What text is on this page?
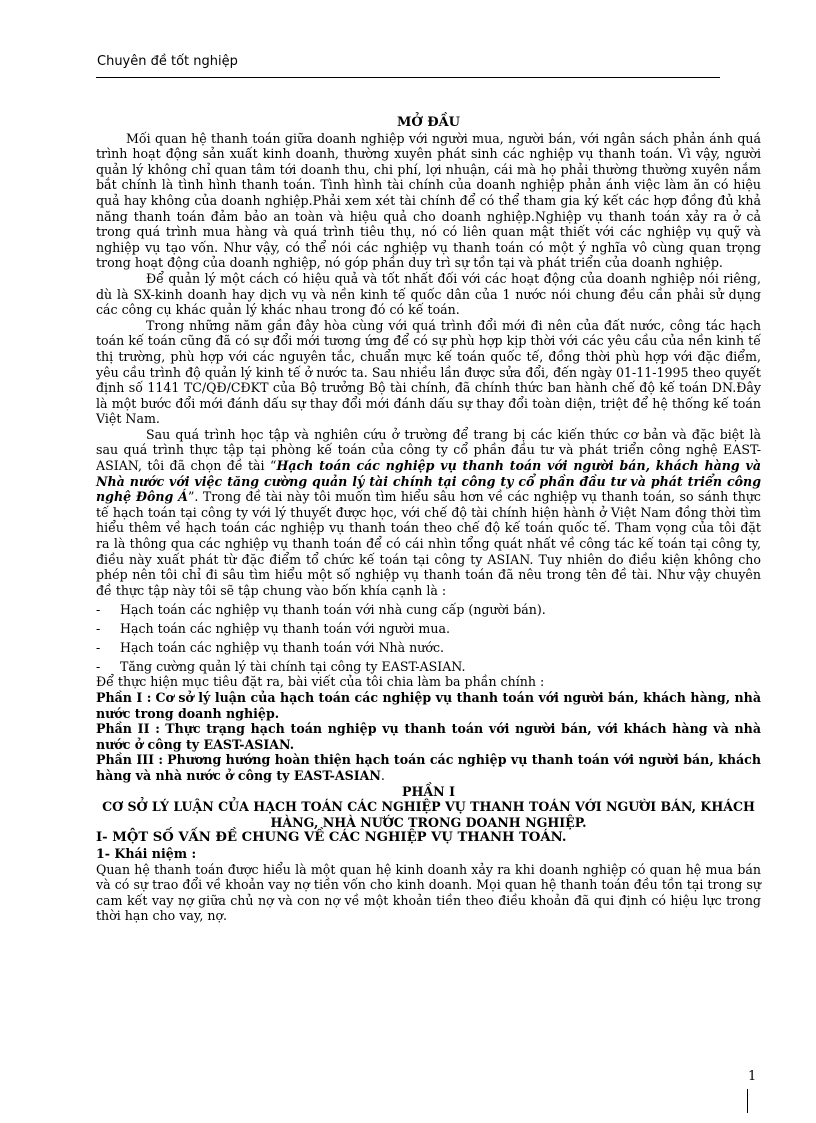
Chuyên đề tốt nghiệp

MỞ ĐẦU

Mối quan hệ thanh toán giữa doanh nghiệp với người mua, người bán, với ngân sách phản ánh quá trình hoạt động sản xuất kinh doanh, thường xuyên phát sinh các nghiệp vụ thanh toán. Vì vậy, người quản lý không chỉ quan tâm tới doanh thu, chi phí, lợi nhuận, cái mà họ phải thường thường xuyên nắm bắt chính là tình hình thanh toán. Tình hình tài chính của doanh nghiệp phản ánh việc làm ăn có hiệu quả hay không của doanh nghiệp.Phải xem xét tài chính để có thể tham gia ký kết các hợp đồng đủ khả năng thanh toán đảm bảo an toàn và hiệu quả cho doanh nghiệp.Nghiệp vụ thanh toán xảy ra ở cả trong quá trình mua hàng và quá trình tiêu thụ, nó có liên quan mật thiết với các nghiệp vụ quỹ và nghiệp vụ tạo vốn. Như vậy, có thể nói các nghiệp vụ thanh toán có một ý nghĩa vô cùng quan trọng trong hoạt động của doanh nghiệp, nó góp phần duy trì sự tồn tại và phát triển của doanh nghiệp.

Để quản lý một cách có hiệu quả và tốt nhất đối với các hoạt động của doanh nghiệp nói riêng, dù là SX-kinh doanh hay dịch vụ và nền kinh tế quốc dân của 1 nước nói chung đều cần phải sử dụng các công cụ khác quản lý khác nhau trong đó có kế toán.

Trong những năm gần đây hòa cùng với quá trình đổi mới đi nên của đất nước, công tác hạch toán kế toán cũng đã có sự đổi mới tương ứng để có sự phù hợp kịp thời với các yêu cầu của nền kinh tế thị trường, phù hợp với các nguyên tắc, chuẩn mực kế toán quốc tế, đồng thời phù hợp với đặc điểm, yêu cầu trình độ quản lý kinh tế ở nước ta. Sau nhiều lần được sửa đổi, đến ngày 01-11-1995 theo quyết định số 1141 TC/QĐ/CĐKT của Bộ trưởng Bộ tài chính, đã chính thức ban hành chế độ kế toán DN.Đây là một bước đổi mới đánh dấu sự thay đổi mới đánh dấu sự thay đổi toàn diện, triệt để hệ thống kế toán Việt Nam.

Sau quá trình học tập và nghiên cứu ở trường để trang bị các kiến thức cơ bản và đặc biệt là sau quá trình thực tập tại phòng kế toán của công ty cổ phần đầu tư và phát triển công nghệ EAST-ASIAN, tôi đã chọn đề tài “Hạch toán các nghiệp vụ thanh toán với người bán, khách hàng và Nhà nước với việc tăng cường quản lý tài chính tại công ty cổ phần đầu tư và phát triển công nghệ Đông Á”. Trong đề tài này tôi muốn tìm hiểu sâu hơn về các nghiệp vụ thanh toán, so sánh thực tế hạch toán tại công ty với lý thuyết được học, với chế độ tài chính hiện hành ở Việt Nam đồng thời tìm hiểu thêm về hạch toán các nghiệp vụ thanh toán theo chế độ kế toán quốc tế. Tham vọng của tôi đặt ra là thông qua các nghiệp vụ thanh toán để có cái nhìn tổng quát nhất về công tác kế toán tại công ty, điều này xuất phát từ đặc điểm tổ chức kế toán tại công ty ASIAN. Tuy nhiên do điều kiện không cho phép nên tôi chỉ đi sâu tìm hiểu một số nghiệp vụ thanh toán đã nêu trong tên đề tài. Như vậy chuyên đề thực tập này tôi sẽ tập chung vào bốn khía cạnh là :

-	Hạch toán các nghiệp vụ thanh toán với nhà cung cấp (người bán).
-	Hạch toán các nghiệp vụ thanh toán với người mua.
-	Hạch toán các nghiệp vụ thanh toán với Nhà nước.
-	Tăng cường quản lý tài chính tại công ty EAST-ASIAN.

Để thực hiện mục tiêu đặt ra, bài viết của tôi chia làm ba phần chính :

Phần I : Cơ sở lý luận của hạch toán các nghiệp vụ thanh toán với người bán, khách hàng, nhà nước trong doanh nghiệp.

Phần II : Thực trạng hạch toán nghiệp vụ thanh toán với người bán, với khách hàng và nhà nước ở công ty EAST-ASIAN.

Phần III : Phương hướng hoàn thiện hạch toán các nghiệp vụ thanh toán với người bán, khách hàng và nhà nước ở công ty EAST-ASIAN.

PHẦN I

CƠ SỞ LÝ LUẬN CỦA HẠCH TOÁN CÁC NGHIỆP VỤ THANH TOÁN VỚI NGƯỜI BÁN, KHÁCH HÀNG, NHÀ NƯỚC TRONG DOANH NGHIỆP.

I- MỘT SỐ VẤN ĐỀ CHUNG VỀ CÁC NGHIỆP VỤ THANH TOÁN.

1- Khái niệm :

Quan hệ thanh toán được hiểu là một quan hệ kinh doanh xảy ra khi doanh nghiệp có quan hệ mua bán và có sự trao đổi về khoản vay nợ tiền vốn cho kinh doanh. Mọi quan hệ thanh toán đều tồn tại trong sự cam kết vay nợ giữa chủ nợ và con nợ về một khoản tiền theo điều khoản đã qui định có hiệu lực trong thời hạn cho vay, nợ.

1
